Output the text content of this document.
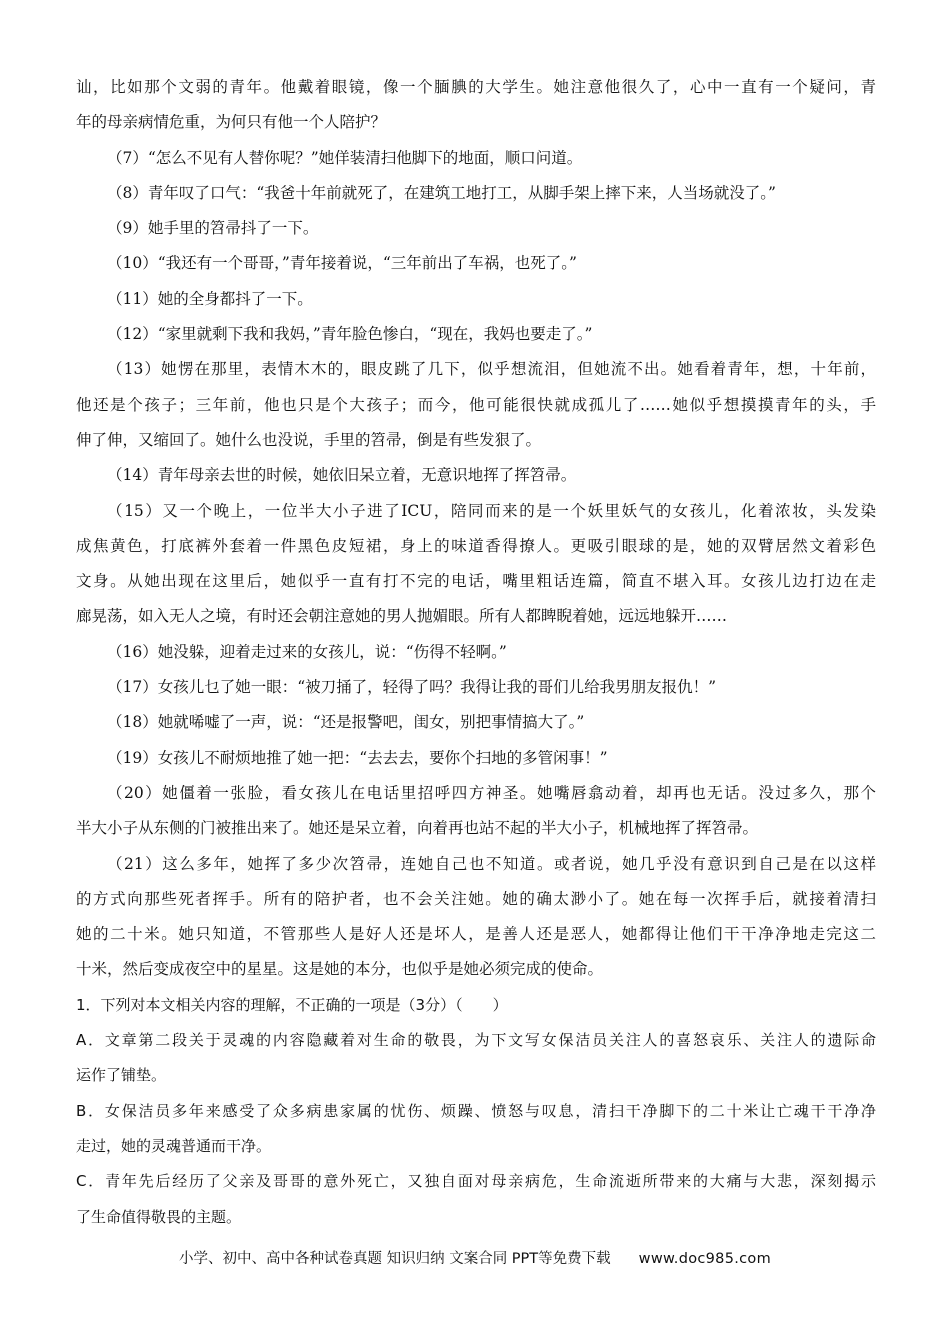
讪，比如那个文弱的青年。他戴着眼镜，像一个腼腆的大学生。她注意他很久了，心中一直有一个疑问，青
年的母亲病情危重，为何只有他一个人陪护？
（7）“怎么不见有人替你呢？”她佯装清扫他脚下的地面，顺口问道。
（8）青年叹了口气：“我爸十年前就死了，在建筑工地打工，从脚手架上摔下来，人当场就没了。”
（9）她手里的笤帚抖了一下。
（10）“我还有一个哥哥，”青年接着说，“三年前出了车祸，也死了。”
（11）她的全身都抖了一下。
（12）“家里就剩下我和我妈，”青年脸色惨白，“现在，我妈也要走了。”
（13）她愣在那里，表情木木的，眼皮跳了几下，似乎想流泪，但她流不出。她看着青年，想，十年前，
他还是个孩子；三年前，他也只是个大孩子；而今，他可能很快就成孤儿了……她似乎想摸摸青年的头，手
伸了伸，又缩回了。她什么也没说，手里的笤帚，倒是有些发狠了。
（14）青年母亲去世的时候，她依旧呆立着，无意识地挥了挥笤帚。
（15）又一个晚上，一位半大小子进了ICU，陪同而来的是一个妖里妖气的女孩儿，化着浓妆，头发染
成焦黄色，打底裤外套着一件黑色皮短裙，身上的味道香得撩人。更吸引眼球的是，她的双臂居然文着彩色
文身。从她出现在这里后，她似乎一直有打不完的电话，嘴里粗话连篇，简直不堪入耳。女孩儿边打边在走
廊晃荡，如入无人之境，有时还会朝注意她的男人抛媚眼。所有人都睥睨着她，远远地躲开……
（16）她没躲，迎着走过来的女孩儿，说：“伤得不轻啊。”
（17）女孩儿乜了她一眼：“被刀捅了，轻得了吗？我得让我的哥们儿给我男朋友报仇！”
（18）她就唏嘘了一声，说：“还是报警吧，闺女，别把事情搞大了。”
（19）女孩儿不耐烦地推了她一把：“去去去，要你个扫地的多管闲事！”
（20）她僵着一张脸，看女孩儿在电话里招呼四方神圣。她嘴唇翕动着，却再也无话。没过多久，那个
半大小子从东侧的门被推出来了。她还是呆立着，向着再也站不起的半大小子，机械地挥了挥笤帚。
（21）这么多年，她挥了多少次笤帚，连她自己也不知道。或者说，她几乎没有意识到自己是在以这样
的方式向那些死者挥手。所有的陪护者，也不会关注她。她的确太渺小了。她在每一次挥手后，就接着清扫
她的二十米。她只知道，不管那些人是好人还是坏人，是善人还是恶人，她都得让他们干干净净地走完这二
十米，然后变成夜空中的星星。这是她的本分，也似乎是她必须完成的使命。
1．下列对本文相关内容的理解，不正确的一项是（3分）（　　）
A．文章第二段关于灵魂的内容隐藏着对生命的敬畏，为下文写女保洁员关注人的喜怒哀乐、关注人的遗际命
运作了铺垫。
B．女保洁员多年来感受了众多病患家属的忧伤、烦躁、愤怒与叹息，清扫干净脚下的二十米让亡魂干干净净
走过，她的灵魂普通而干净。
C．青年先后经历了父亲及哥哥的意外死亡，又独自面对母亲病危，生命流逝所带来的大痛与大悲，深刻揭示
了生命值得敬畏的主题。
小学、初中、高中各种试卷真题 知识归纳 文案合同 PPT等免费下载 www.doc985.com
